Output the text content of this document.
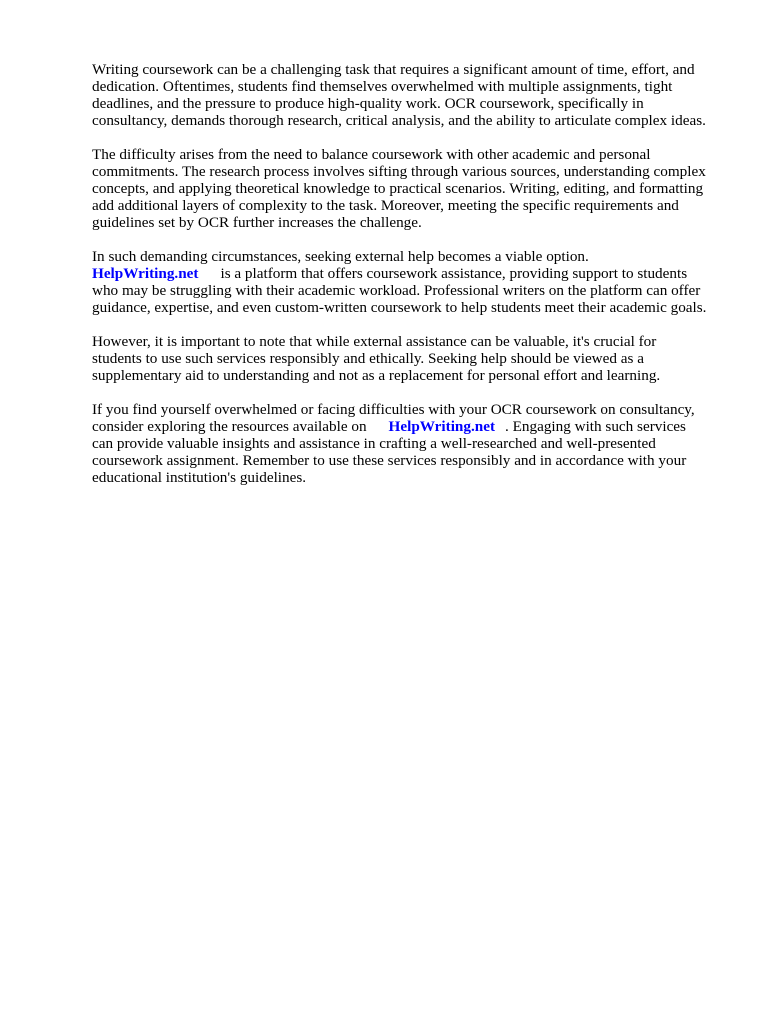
Writing coursework can be a challenging task that requires a significant amount of time, effort, and
dedication. Oftentimes, students find themselves overwhelmed with multiple assignments, tight
deadlines, and the pressure to produce high-quality work. OCR coursework, specifically in
consultancy, demands thorough research, critical analysis, and the ability to articulate complex ideas.

The difficulty arises from the need to balance coursework with other academic and personal
commitments. The research process involves sifting through various sources, understanding complex
concepts, and applying theoretical knowledge to practical scenarios. Writing, editing, and formatting
add additional layers of complexity to the task. Moreover, meeting the specific requirements and
guidelines set by OCR further increases the challenge.

In such demanding circumstances, seeking external help becomes a viable option.
HelpWriting.net is a platform that offers coursework assistance, providing support to students
who may be struggling with their academic workload. Professional writers on the platform can offer
guidance, expertise, and even custom-written coursework to help students meet their academic goals.

However, it is important to note that while external assistance can be valuable, it's crucial for
students to use such services responsibly and ethically. Seeking help should be viewed as a
supplementary aid to understanding and not as a replacement for personal effort and learning.

If you find yourself overwhelmed or facing difficulties with your OCR coursework on consultancy,
consider exploring the resources available on HelpWriting.net . Engaging with such services
can provide valuable insights and assistance in crafting a well-researched and well-presented
coursework assignment. Remember to use these services responsibly and in accordance with your
educational institution's guidelines.
